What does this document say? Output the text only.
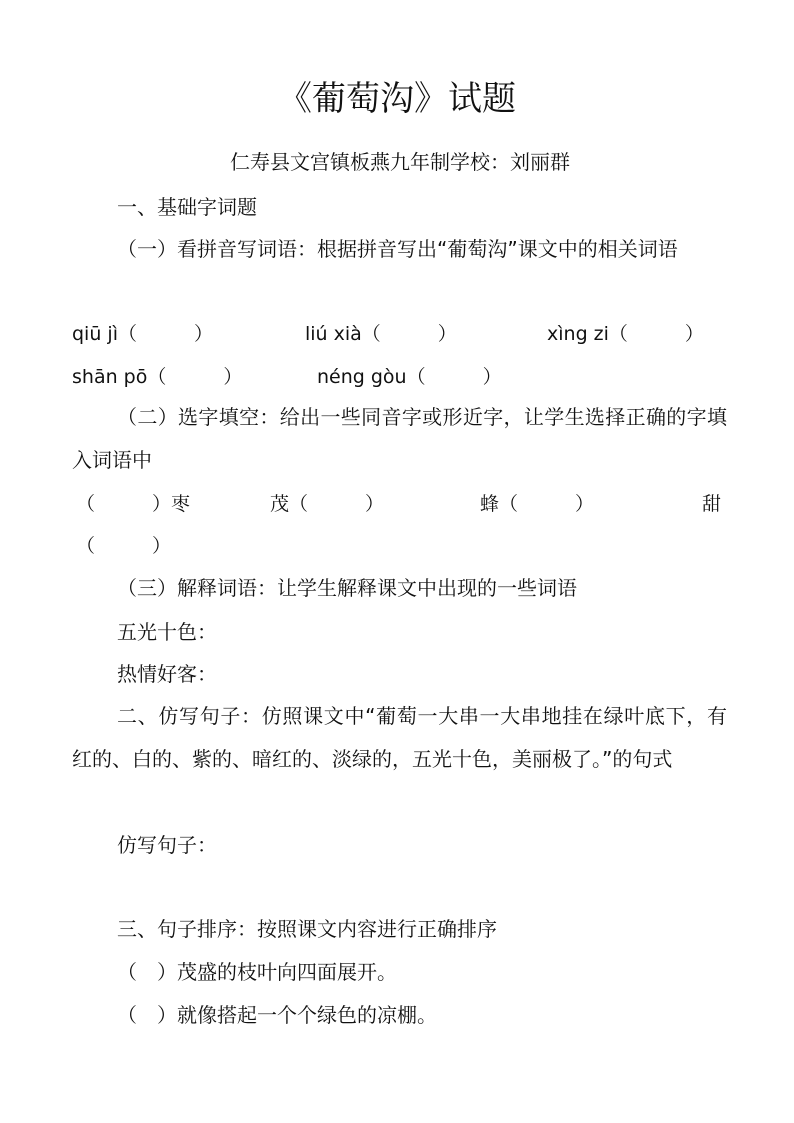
《葡萄沟》试题
仁寿县文宫镇板燕九年制学校：刘丽群
一、基础字词题
（一）看拼音写词语：根据拼音写出“葡萄沟”课文中的相关词语
qiū jì（　　　）	liú xià（　　　）	xìng zi（　　　）
shān pō（　　　）	néng gòu（　　　）
（二）选字填空：给出一些同音字或形近字，让学生选择正确的字填入词语中
（　　　）枣	茂（　　　）	蜂（　　　）	甜
（　　　）
（三）解释词语：让学生解释课文中出现的一些词语
五光十色：
热情好客：
二、仿写句子：仿照课文中“葡萄一大串一大串地挂在绿叶底下，有红的、白的、紫的、暗红的、淡绿的，五光十色，美丽极了。”的句式
仿写句子：
三、句子排序：按照课文内容进行正确排序
（　）茂盛的枝叶向四面展开。
（　）就像搭起一个个绿色的凉棚。
